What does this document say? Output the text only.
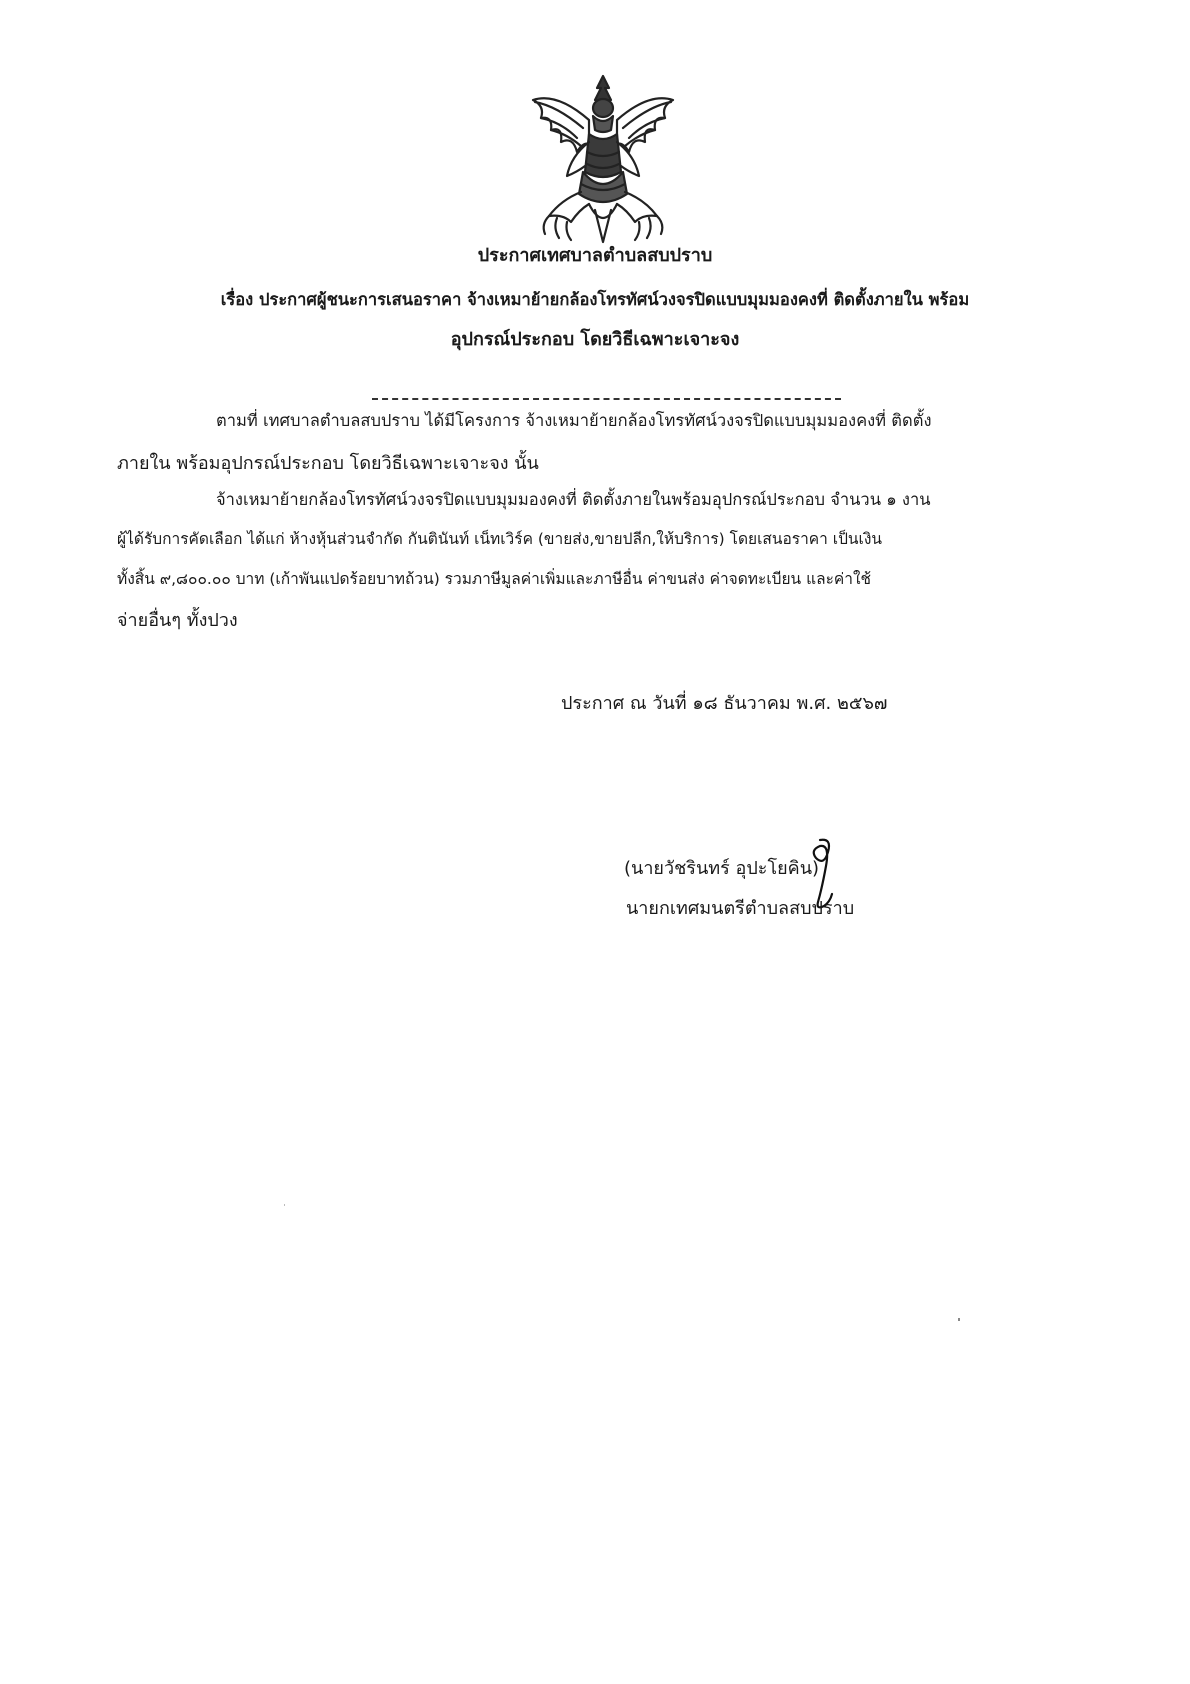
ประกาศเทศบาลตำบลสบปราบ
เรื่อง ประกาศผู้ชนะการเสนอราคา จ้างเหมาย้ายกล้องโทรทัศน์วงจรปิดแบบมุมมองคงที่ ติดตั้งภายใน พร้อม
อุปกรณ์ประกอบ โดยวิธีเฉพาะเจาะจง
ตามที่ เทศบาลตำบลสบปราบ ได้มีโครงการ จ้างเหมาย้ายกล้องโทรทัศน์วงจรปิดแบบมุมมองคงที่ ติดตั้ง
ภายใน พร้อมอุปกรณ์ประกอบ โดยวิธีเฉพาะเจาะจง นั้น
จ้างเหมาย้ายกล้องโทรทัศน์วงจรปิดแบบมุมมองคงที่ ติดตั้งภายในพร้อมอุปกรณ์ประกอบ จำนวน ๑ งาน
ผู้ได้รับการคัดเลือก ได้แก่ ห้างหุ้นส่วนจำกัด กันตินันท์ เน็ทเวิร์ค (ขายส่ง,ขายปลีก,ให้บริการ) โดยเสนอราคา เป็นเงิน
ทั้งสิ้น ๙,๘๐๐.๐๐ บาท (เก้าพันแปดร้อยบาทถ้วน) รวมภาษีมูลค่าเพิ่มและภาษีอื่น ค่าขนส่ง ค่าจดทะเบียน และค่าใช้
จ่ายอื่นๆ ทั้งปวง
ประกาศ ณ วันที่ ๑๘ ธันวาคม พ.ศ. ๒๕๖๗
(นายวัชรินทร์ อุปะโยคิน)
นายกเทศมนตรีตำบลสบปราบ
